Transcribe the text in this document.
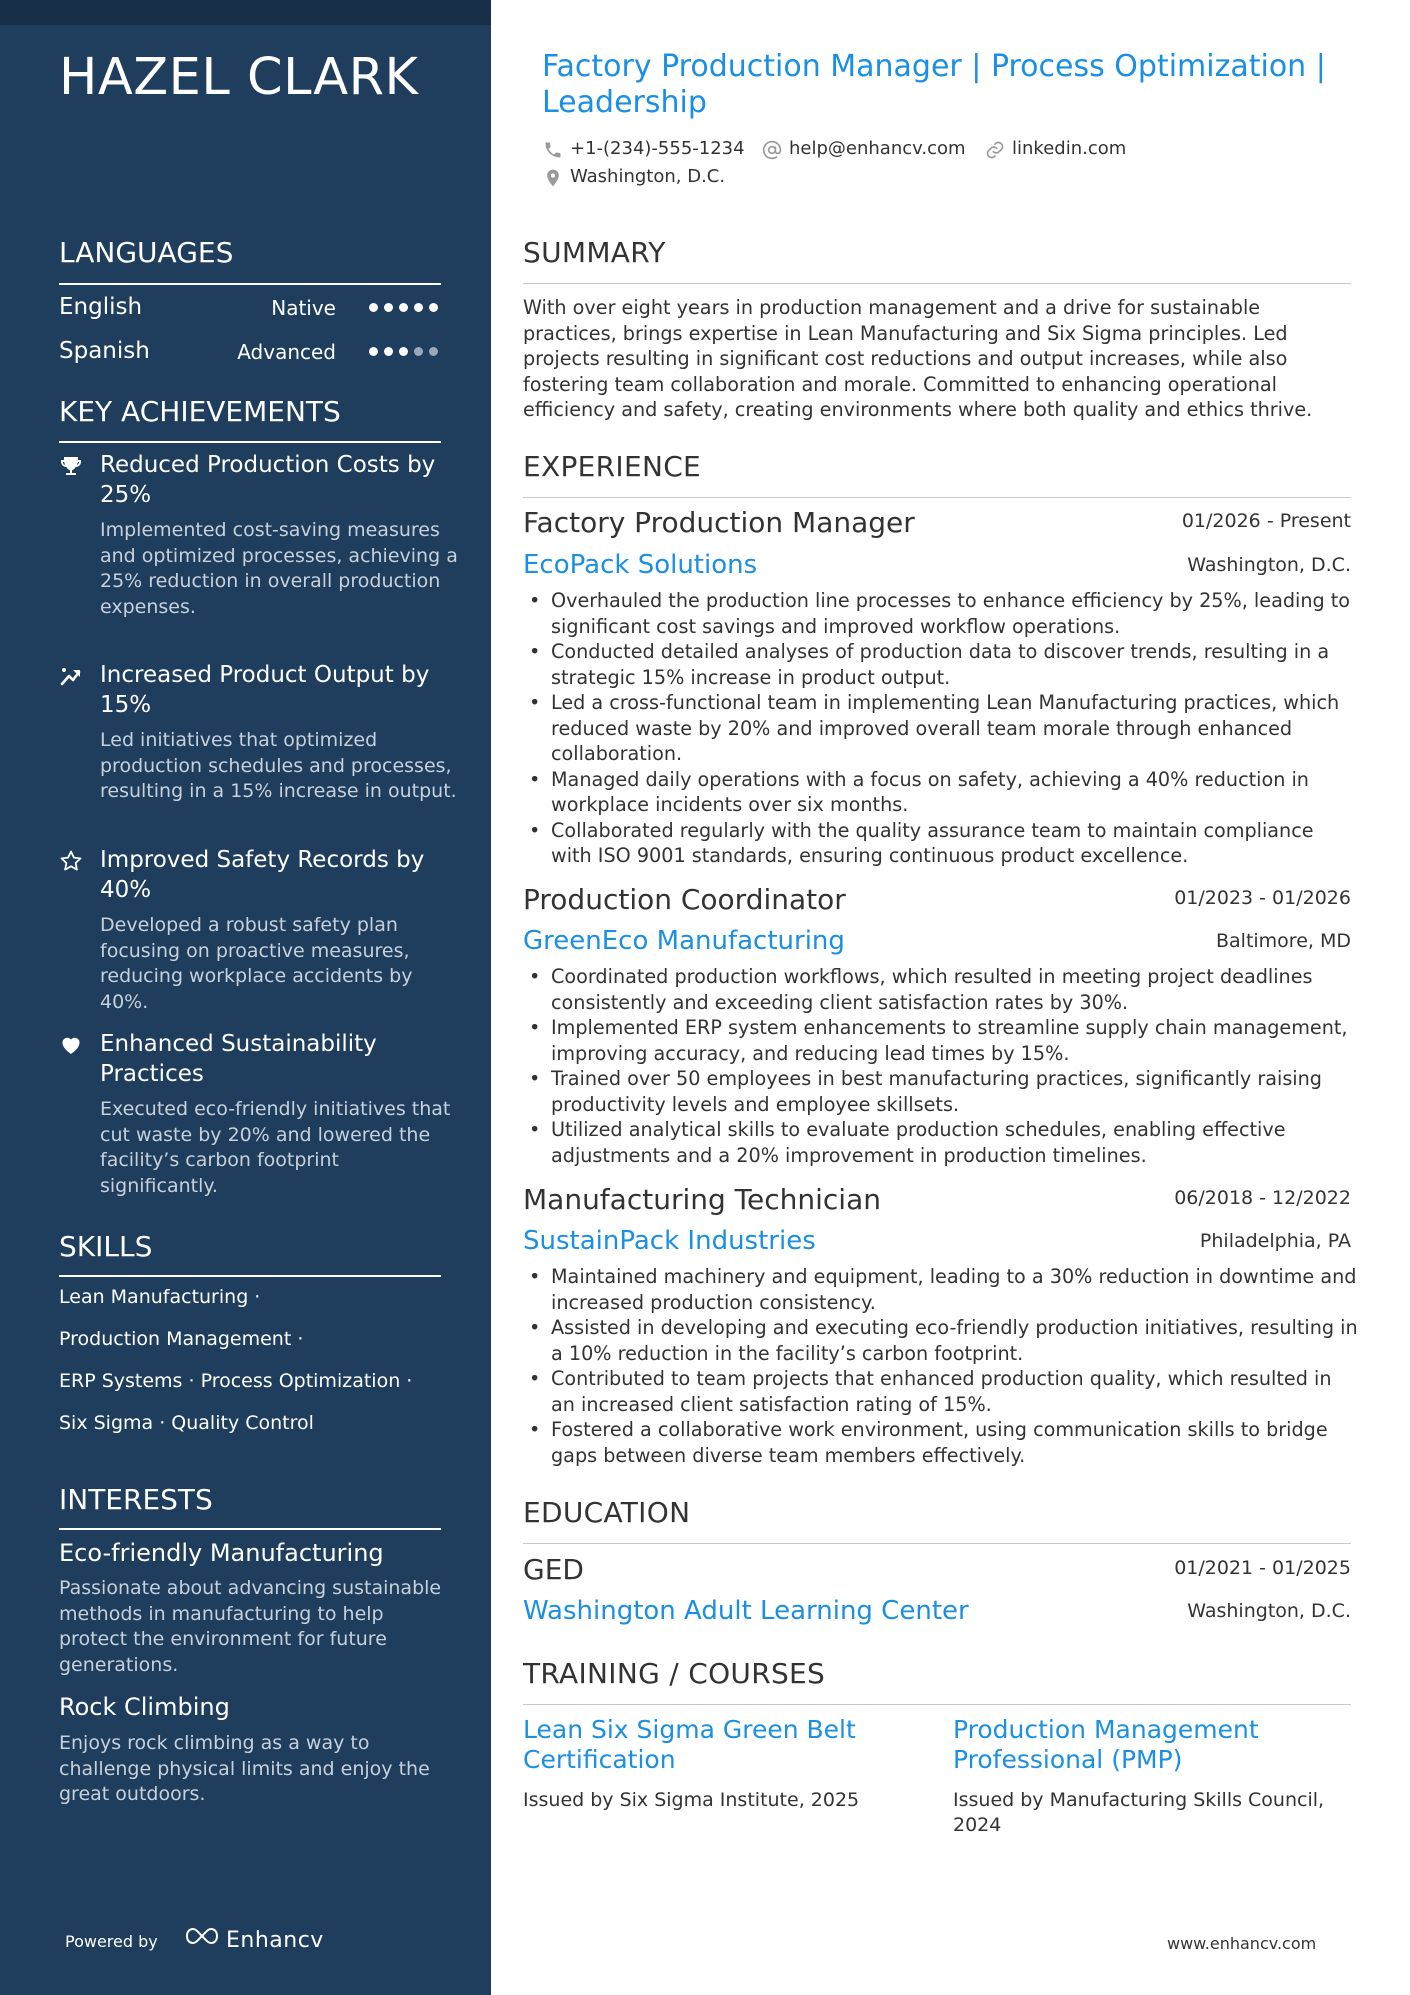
HAZEL CLARK
LANGUAGES
English	Native
Spanish	Advanced
KEY ACHIEVEMENTS
Reduced Production Costs by 25%
Implemented cost-saving measures and optimized processes, achieving a 25% reduction in overall production expenses.
Increased Product Output by 15%
Led initiatives that optimized production schedules and processes, resulting in a 15% increase in output.
Improved Safety Records by 40%
Developed a robust safety plan focusing on proactive measures, reducing workplace accidents by 40%.
Enhanced Sustainability Practices
Executed eco-friendly initiatives that cut waste by 20% and lowered the facility’s carbon footprint significantly.
SKILLS
Lean Manufacturing ·
Production Management ·
ERP Systems · Process Optimization ·
Six Sigma · Quality Control
INTERESTS
Eco-friendly Manufacturing
Passionate about advancing sustainable methods in manufacturing to help protect the environment for future generations.
Rock Climbing
Enjoys rock climbing as a way to challenge physical limits and enjoy the great outdoors.
Powered by	Enhancv
Factory Production Manager | Process Optimization | Leadership
+1-(234)-555-1234 help@enhancv.com	linkedin.com
Washington, D.C.
SUMMARY
With over eight years in production management and a drive for sustainable practices, brings expertise in Lean Manufacturing and Six Sigma principles. Led projects resulting in significant cost reductions and output increases, while also fostering team collaboration and morale. Committed to enhancing operational efficiency and safety, creating environments where both quality and ethics thrive.
EXPERIENCE
Factory Production Manager	01/2026 - Present
EcoPack Solutions	Washington, D.C.
• Overhauled the production line processes to enhance efficiency by 25%, leading to significant cost savings and improved workflow operations.
• Conducted detailed analyses of production data to discover trends, resulting in a strategic 15% increase in product output.
• Led a cross-functional team in implementing Lean Manufacturing practices, which reduced waste by 20% and improved overall team morale through enhanced collaboration.
• Managed daily operations with a focus on safety, achieving a 40% reduction in workplace incidents over six months.
• Collaborated regularly with the quality assurance team to maintain compliance with ISO 9001 standards, ensuring continuous product excellence.
Production Coordinator	01/2023 - 01/2026
GreenEco Manufacturing	Baltimore, MD
• Coordinated production workflows, which resulted in meeting project deadlines consistently and exceeding client satisfaction rates by 30%.
• Implemented ERP system enhancements to streamline supply chain management, improving accuracy, and reducing lead times by 15%.
• Trained over 50 employees in best manufacturing practices, significantly raising productivity levels and employee skillsets.
• Utilized analytical skills to evaluate production schedules, enabling effective adjustments and a 20% improvement in production timelines.
Manufacturing Technician	06/2018 - 12/2022
SustainPack Industries	Philadelphia, PA
• Maintained machinery and equipment, leading to a 30% reduction in downtime and increased production consistency.
• Assisted in developing and executing eco-friendly production initiatives, resulting in a 10% reduction in the facility’s carbon footprint.
• Contributed to team projects that enhanced production quality, which resulted in an increased client satisfaction rating of 15%.
• Fostered a collaborative work environment, using communication skills to bridge gaps between diverse team members effectively.
EDUCATION
GED	01/2021 - 01/2025
Washington Adult Learning Center	Washington, D.C.
TRAINING / COURSES
Lean Six Sigma Green Belt Certification
Issued by Six Sigma Institute, 2025
Production Management Professional (PMP)
Issued by Manufacturing Skills Council, 2024
www.enhancv.com
